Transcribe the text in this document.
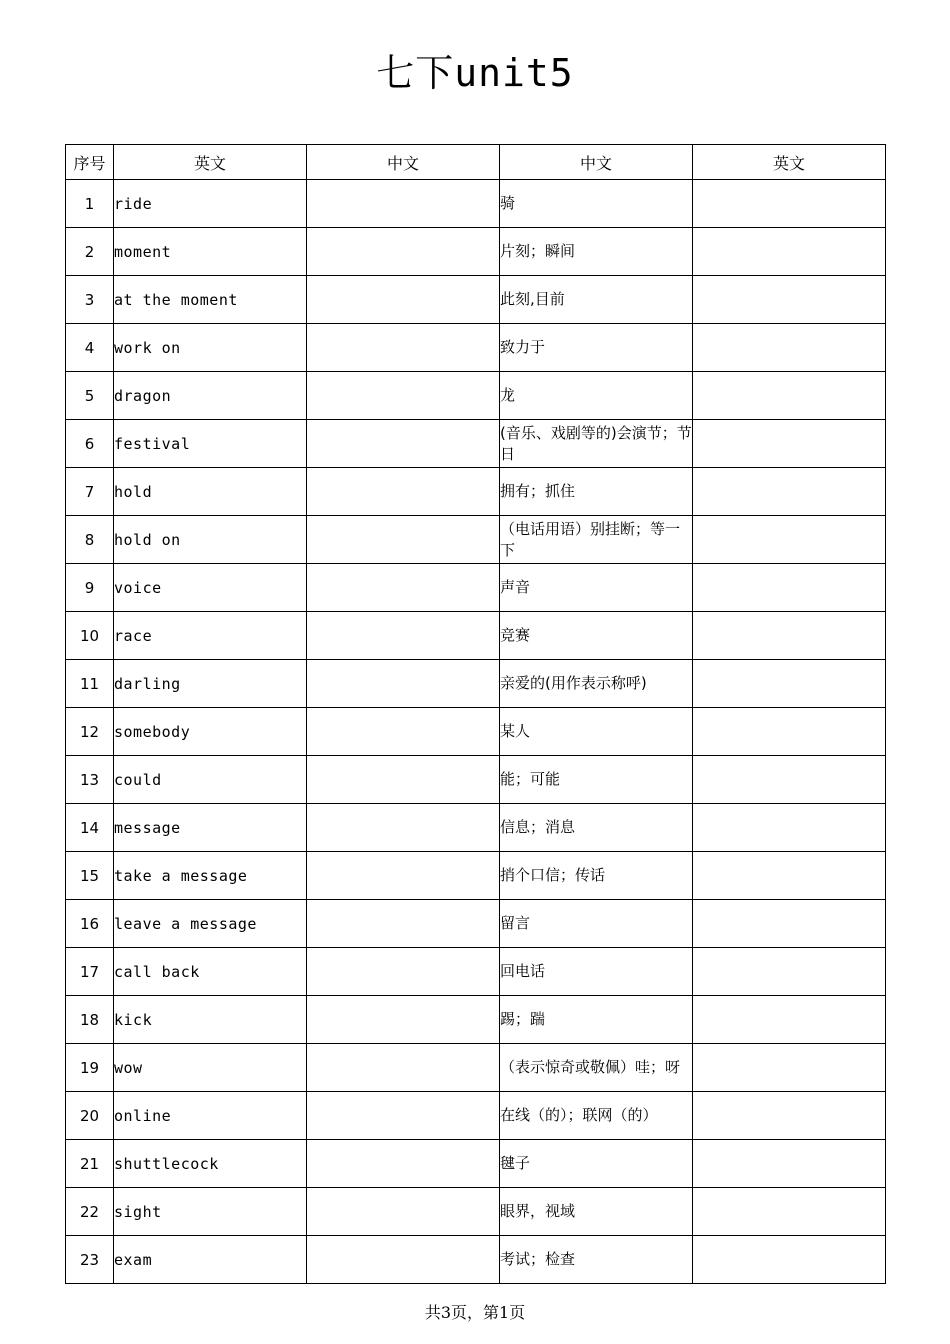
七下unit5
序号	英文	中文	中文	英文
1	ride		骑	
2	moment		片刻；瞬间	
3	at the moment		此刻,目前	
4	work on		致力于	
5	dragon		龙	
6	festival		(音乐、戏剧等的)会演节；节日	
7	hold		拥有；抓住	
8	hold on		（电话用语）别挂断；等一下	
9	voice		声音	
10	race		竞赛	
11	darling		亲爱的(用作表示称呼)	
12	somebody		某人	
13	could		能；可能	
14	message		信息；消息	
15	take a message		捎个口信；传话	
16	leave a message		留言	
17	call back		回电话	
18	kick		踢；踹	
19	wow		（表示惊奇或敬佩）哇；呀	
20	online		在线（的）；联网（的）	
21	shuttlecock		毽子	
22	sight		眼界，视域	
23	exam		考试；检查	
共3页，第1页
